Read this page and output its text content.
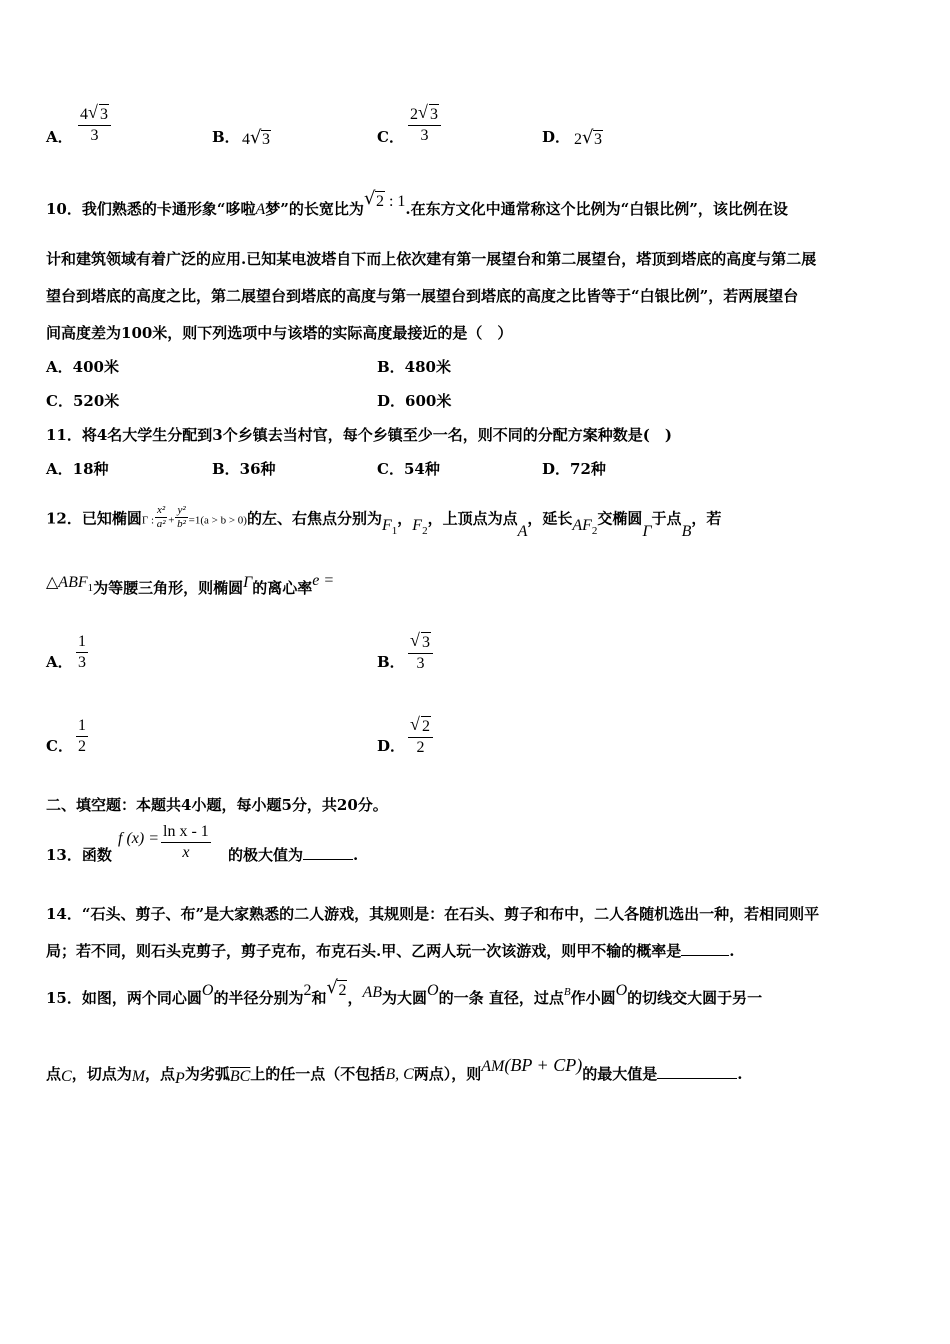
A． $\frac{4 √ 3}{3}$	B． 4 √ 3	C． $\frac{2 √ 3}{3}$	D． 2 √ 3
10．我们熟悉的卡通形象“哆啦A梦”的长宽比为 √ 2 : 1.在东方文化中通常称这个比例为“白银比例”，该比例在设
计和建筑领域有着广泛的应用.已知某电波塔自下而上依次建有第一展望台和第二展望台，塔顶到塔底的高度与第二展
望台到塔底的高度之比，第二展望台到塔底的高度与第一展望台到塔底的高度之比皆等于“白银比例”，若两展望台
间高度差为100米，则下列选项中与该塔的实际高度最接近的是（　）
A．400米	B．480米
C．520米	D．600米
11．将4名大学生分配到3个乡镇去当村官，每个乡镇至少一名，则不同的分配方案种数是(　)
A．18种	B．36种	C．54种	D．72种
12．已知椭圆Γ : $\frac{\text{x²}}{\text{a²}} + \frac{\text{y²}}{\text{b²}} =1(a > b > 0)$的左、右焦点分别为$F_1$，$F_2$，上顶点为点A，延长$AF_2$交椭圆Γ于点B，若
△ABF1为等腰三角形，则椭圆Γ的离心率e =
A． $\frac{1}{3}$	B． $\frac{√ 3}{3}$
C． $\frac{1}{2}$	D． $\frac{√ 2}{2}$
二、填空题：本题共4小题，每小题5分，共20分。
13．函数
f $(x) = \frac{\text{ln x - 1}}{x}$ 的极大值为	.
14．“石头、剪子、布”是大家熟悉的二人游戏，其规则是：在石头、剪子和布中，二人各随机选出一种，若相同则平
局；若不同，则石头克剪子，剪子克布，布克石头.甲、乙两人玩一次该游戏，则甲不输的概率是	.
15．如图，两个同心圆O的半径分别为2和 √ 2，AB为大圆O的一条 直径，过点$^B$作小圆O的切线交大圆于另一
点C，切点为M，点P为劣弧$\overline{BC}$上的任一点（不包括B, C两点），则AM(BP + CP)的最大值是	.
